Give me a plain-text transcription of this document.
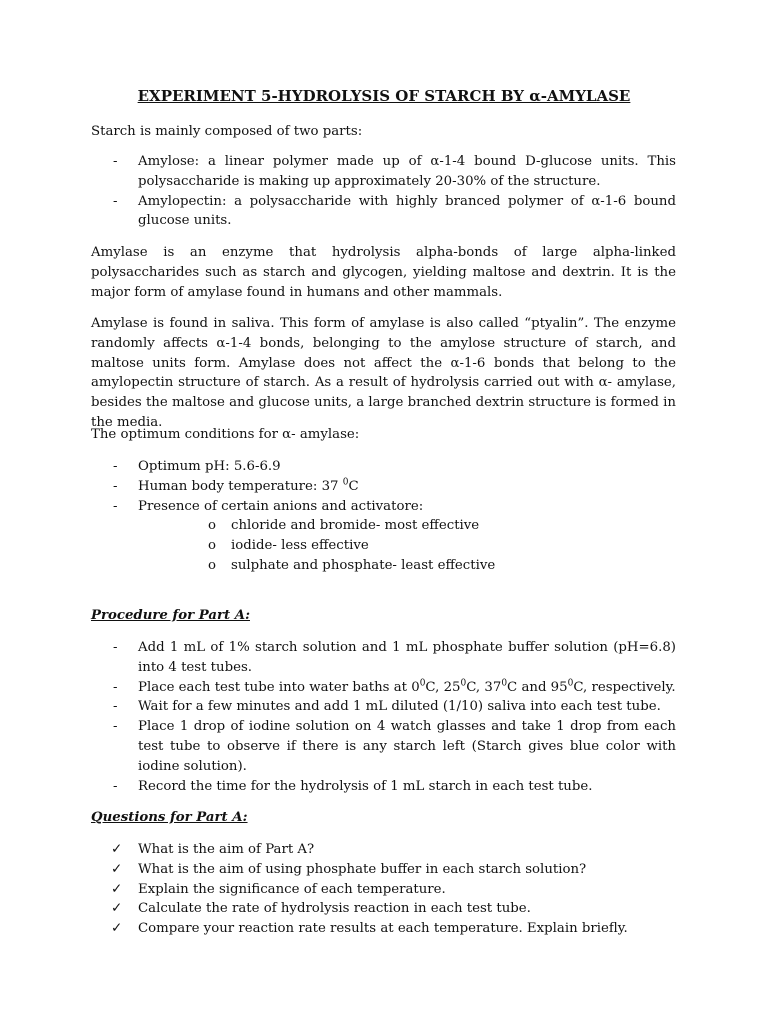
EXPERIMENT 5-HYDROLYSIS OF STARCH BY α-AMYLASE

Starch is mainly composed of two parts:

- Amylose: a linear polymer made up of α-1-4 bound D-glucose units. This polysaccharide is making up approximately 20-30% of the structure.
- Amylopectin: a polysaccharide with highly branced polymer of α-1-6 bound glucose units.

Amylase is an enzyme that hydrolysis alpha-bonds of large alpha-linked polysaccharides such as starch and glycogen, yielding maltose and dextrin. It is the major form of amylase found in humans and other mammals.

Amylase is found in saliva. This form of amylase is also called “ptyalin”. The enzyme randomly affects α-1-4 bonds, belonging to the amylose structure of starch, and maltose units form. Amylase does not affect the α-1-6 bonds that belong to the amylopectin structure of starch. As a result of hydrolysis carried out with α- amylase, besides the maltose and glucose units, a large branched dextrin structure is formed in the media.

The optimum conditions for α- amylase:

- Optimum pH: 5.6-6.9
- Human body temperature: 37 $^0$C
- Presence of certain anions and activatore:
o chloride and bromide- most effective
o iodide- less effective
o sulphate and phosphate- least effective
Procedure for Part A:
- Add 1 mL of 1% starch solution and 1 mL phosphate buffer solution (pH=6.8) into 4 test tubes.
- Place each test tube into water baths at $0^0C$, $25^0C$, $37^0C$ and $95^0C$, respectively.
- Wait for a few minutes and add 1 mL diluted (1/10) saliva into each test tube.
- Place 1 drop of iodine solution on 4 watch glasses and take 1 drop from each test tube to observe if there is any starch left (Starch gives blue color with iodine solution).
- Record the time for the hydrolysis of 1 mL starch in each test tube.
Questions for Part A:
✓ What is the aim of Part A?
✓ What is the aim of using phosphate buffer in each starch solution?
✓ Explain the significance of each temperature.
✓ Calculate the rate of hydrolysis reaction in each test tube.
✓ Compare your reaction rate results at each temperature. Explain briefly.
